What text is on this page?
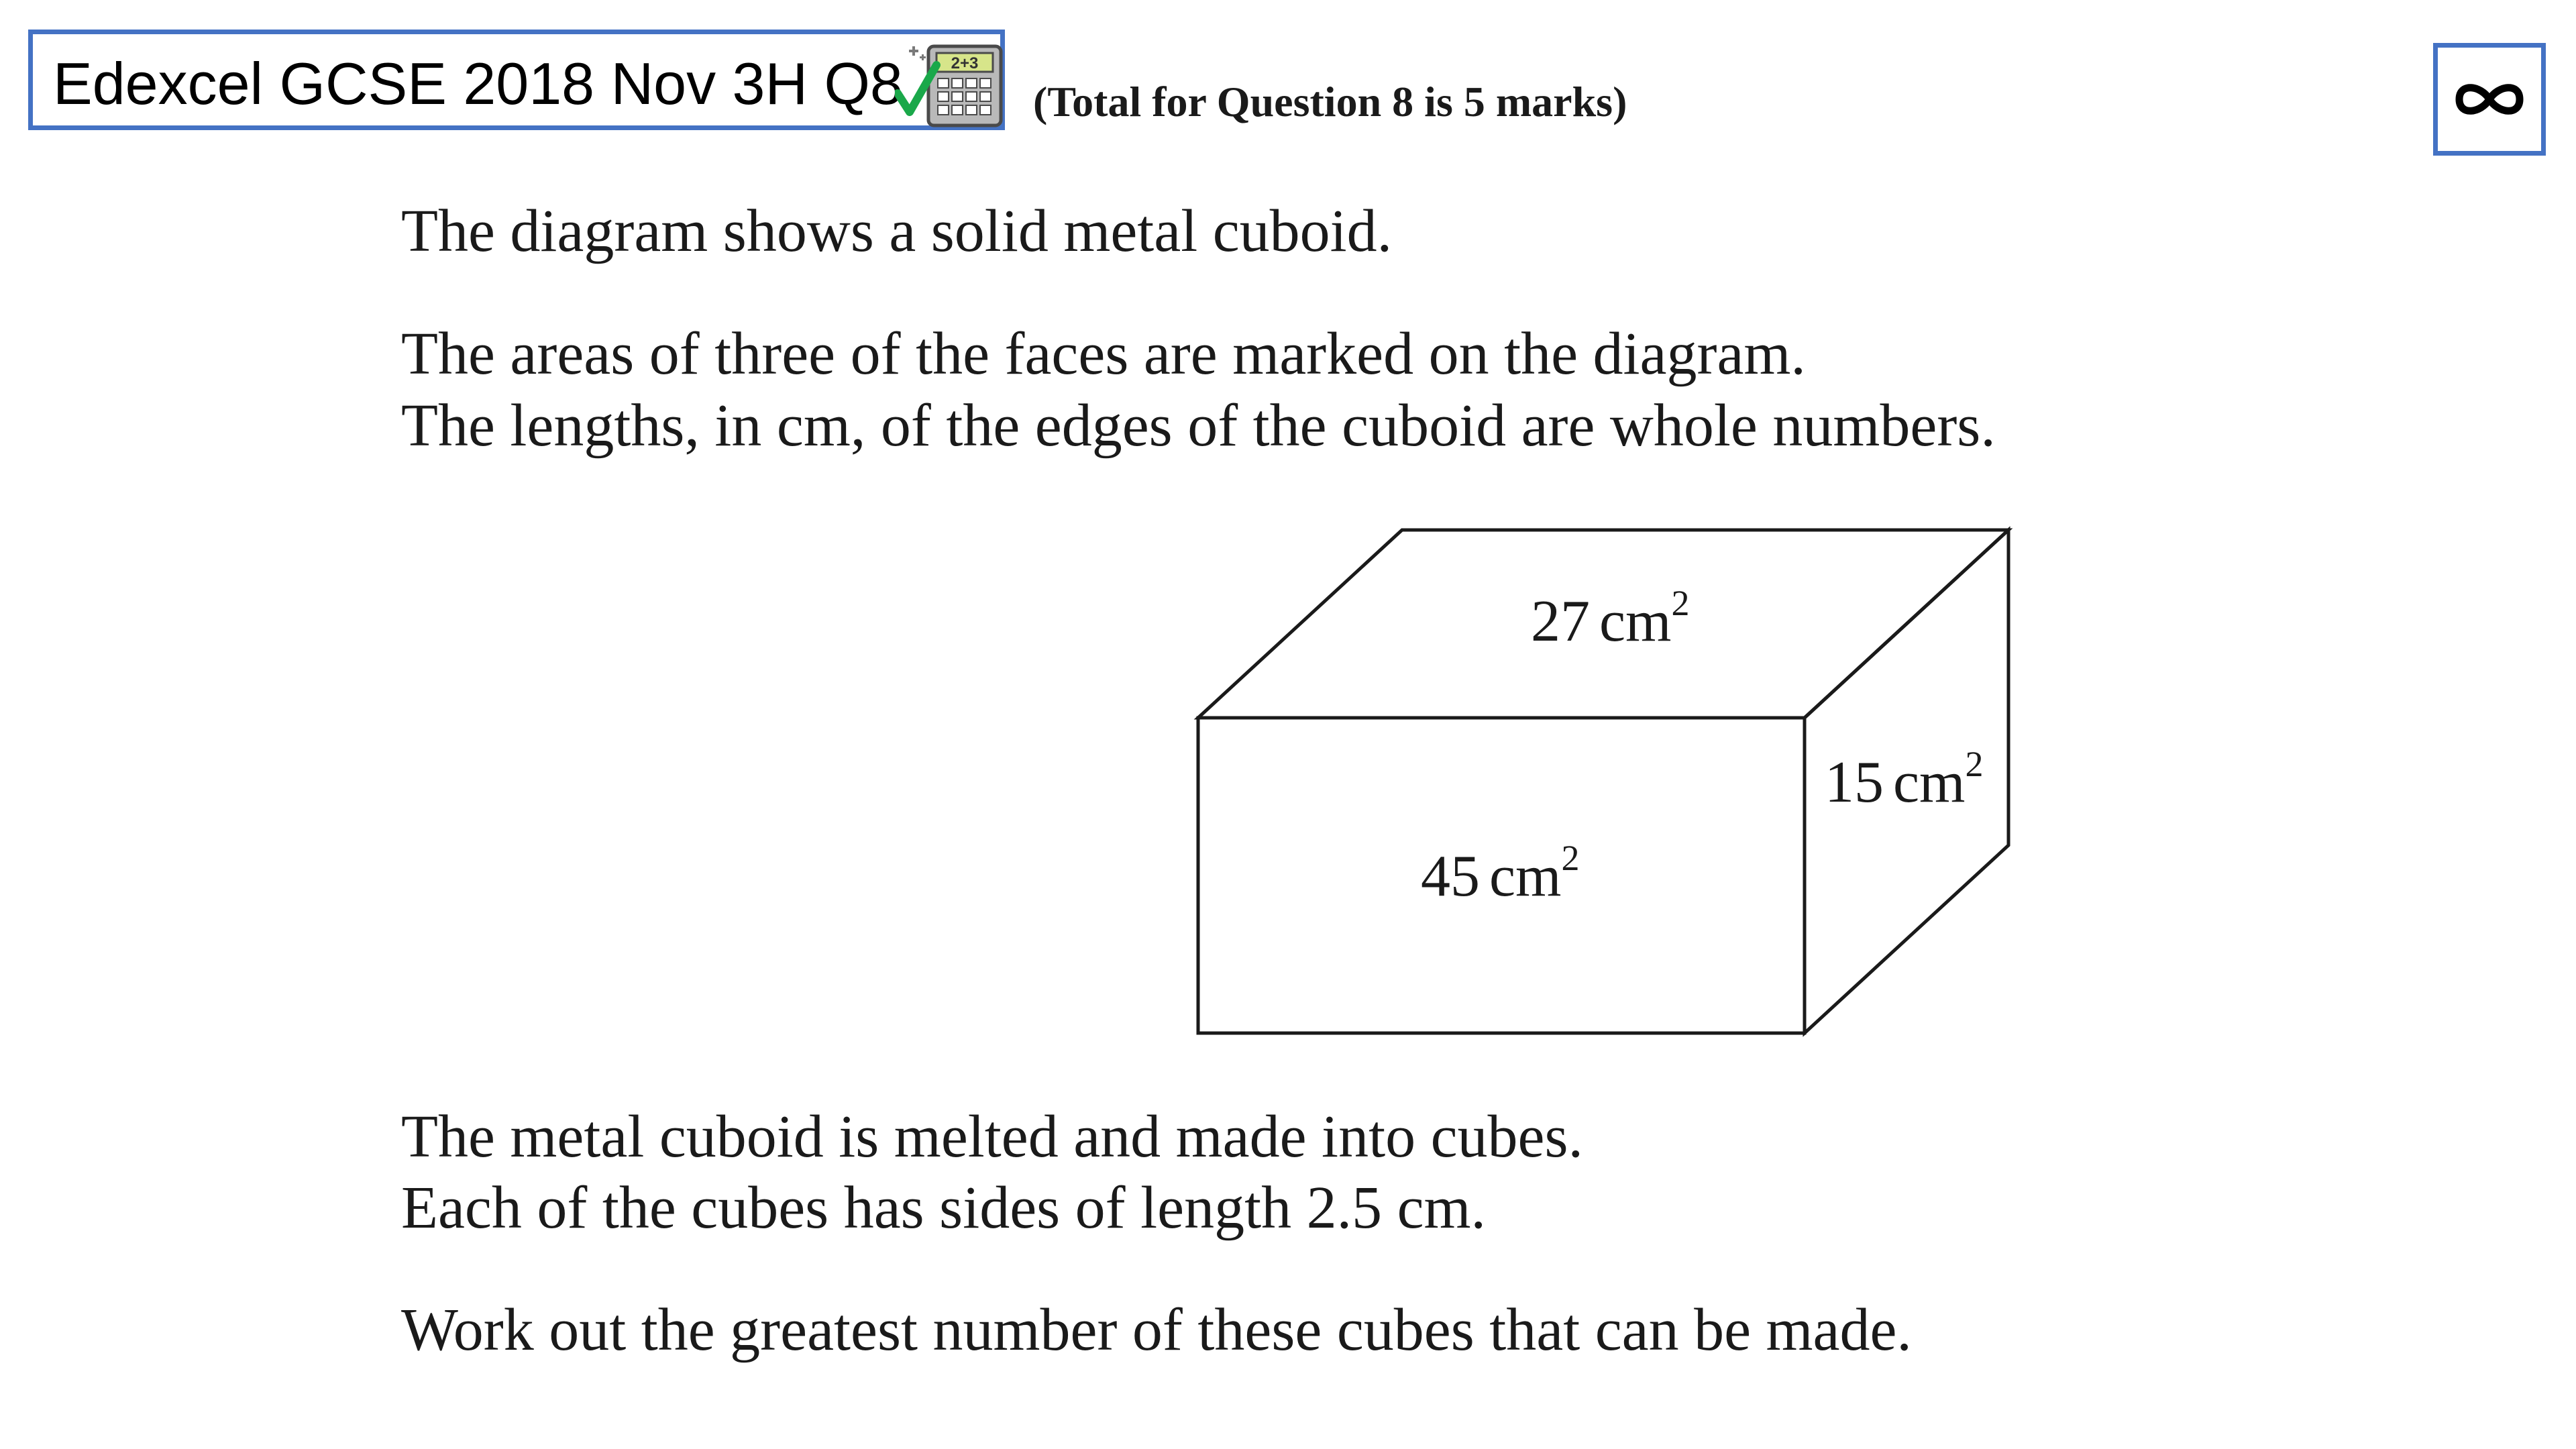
Edexcel GCSE 2018 Nov 3H Q8	2+3
(Total for Question 8 is 5 marks)
The diagram shows a solid metal cuboid.
The areas of three of the faces are marked on the diagram.
The lengths, in cm, of the edges of the cuboid are whole numbers.
27 $cm^2$
45 $cm^2$
15 $cm^2$
The metal cuboid is melted and made into cubes.
Each of the cubes has sides of length 2.5 cm.
Work out the greatest number of these cubes that can be made.
